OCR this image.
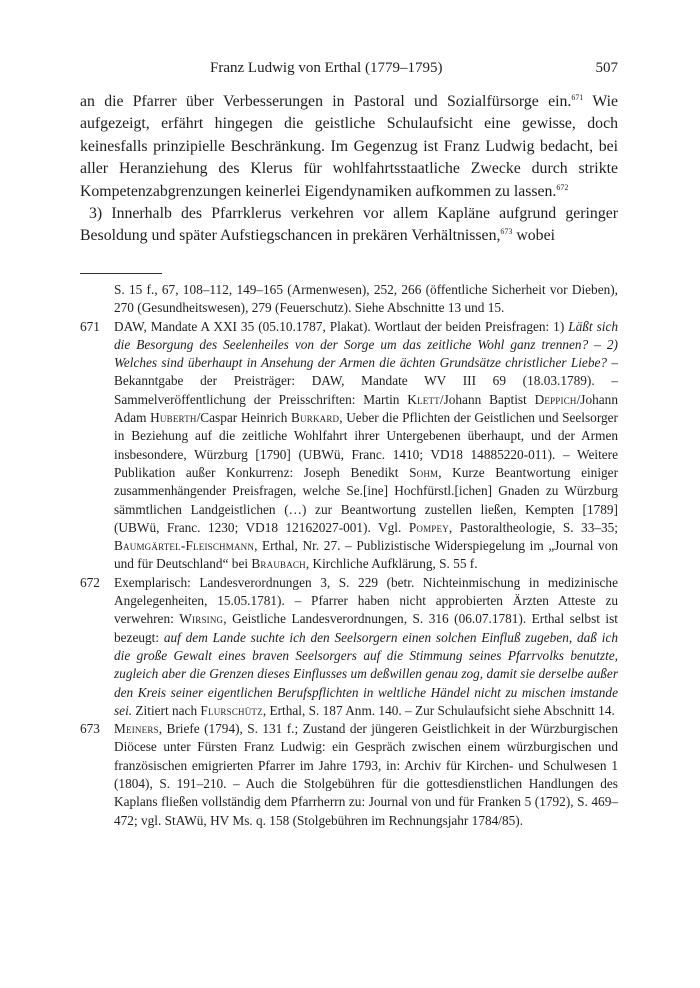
Franz Ludwig von Erthal (1779–1795)	507

an die Pfarrer über Verbesserungen in Pastoral und Sozialfürsorge ein.$^{671}$ Wie aufgezeigt, erfährt hingegen die geistliche Schulaufsicht eine gewisse, doch keinesfalls prinzipielle Beschränkung. Im Gegenzug ist Franz Ludwig bedacht, bei aller Heranziehung des Klerus für wohlfahrtsstaatliche Zwecke durch strikte Kompetenzabgrenzungen keinerlei Eigendynamiken aufkommen zu lassen.$^{672}$

3) Innerhalb des Pfarrklerus verkehren vor allem Kapläne aufgrund geringer Besoldung und später Aufstiegschancen in prekären Verhältnissen,$^{673}$ wobei

S. 15 f., 67, 108–112, 149–165 (Armenwesen), 252, 266 (öffentliche Sicherheit vor Dieben), 270 (Gesundheitswesen), 279 (Feuerschutz). Siehe Abschnitte 13 und 15.
671 DAW, Mandate A XXI 35 (05.10.1787, Plakat). Wortlaut der beiden Preisfragen: 1) Läßt sich die Besorgung des Seelenheiles von der Sorge um das zeitliche Wohl ganz trennen? – 2) Welches sind überhaupt in Ansehung der Armen die ächten Grundsätze christlicher Liebe? – Bekanntgabe der Preisträger: DAW, Mandate WV III 69 (18.03.1789). – Sammelveröffentlichung der Preisschriften: Martin Klett/Johann Baptist Deppich/Johann Adam Huberth/Caspar Heinrich Burkard, Ueber die Pflichten der Geistlichen und Seelsorger in Beziehung auf die zeitliche Wohlfahrt ihrer Untergebenen überhaupt, und der Armen insbesondere, Würzburg [1790] (UBWü, Franc. 1410; VD18 14885220-011). – Weitere Publikation außer Konkurrenz: Joseph Benedikt Sohm, Kurze Beantwortung einiger zusammenhängender Preisfragen, welche Se.[ine] Hochfürstl.[ichen] Gnaden zu Würzburg sämmtlichen Landgeistlichen (…) zur Beantwortung zustellen ließen, Kempten [1789] (UBWü, Franc. 1230; VD18 12162027-001). Vgl. Pompey, Pastoraltheologie, S. 33–35; Baumgärtel-Fleischmann, Erthal, Nr. 27. – Publizistische Widerspiegelung im „Journal von und für Deutschland“ bei Braubach, Kirchliche Aufklärung, S. 55 f.
672 Exemplarisch: Landesverordnungen 3, S. 229 (betr. Nichteinmischung in medizinische Angelegenheiten, 15.05.1781). – Pfarrer haben nicht approbierten Ärzten Atteste zu verwehren: Wirsing, Geistliche Landesverordnungen, S. 316 (06.07.1781). Erthal selbst ist bezeugt: auf dem Lande suchte ich den Seelsorgern einen solchen Einfluß zugeben, daß ich die große Gewalt eines braven Seelsorgers auf die Stimmung seines Pfarrvolks benutzte, zugleich aber die Grenzen dieses Einflusses um deßwillen genau zog, damit sie derselbe außer den Kreis seiner eigentlichen Berufspflichten in weltliche Händel nicht zu mischen imstande sei. Zitiert nach Flurschütz, Erthal, S. 187 Anm. 140. – Zur Schulaufsicht siehe Abschnitt 14.
673 Meiners, Briefe (1794), S. 131 f.; Zustand der jüngeren Geistlichkeit in der Würzburgischen Diöcese unter Fürsten Franz Ludwig: ein Gespräch zwischen einem würzburgischen und französischen emigrierten Pfarrer im Jahre 1793, in: Archiv für Kirchen- und Schulwesen 1 (1804), S. 191–210. – Auch die Stolgebühren für die gottesdienstlichen Handlungen des Kaplans fließen vollständig dem Pfarrherrn zu: Journal von und für Franken 5 (1792), S. 469–472; vgl. StAWü, HV Ms. q. 158 (Stolgebühren im Rechnungsjahr 1784/85).
